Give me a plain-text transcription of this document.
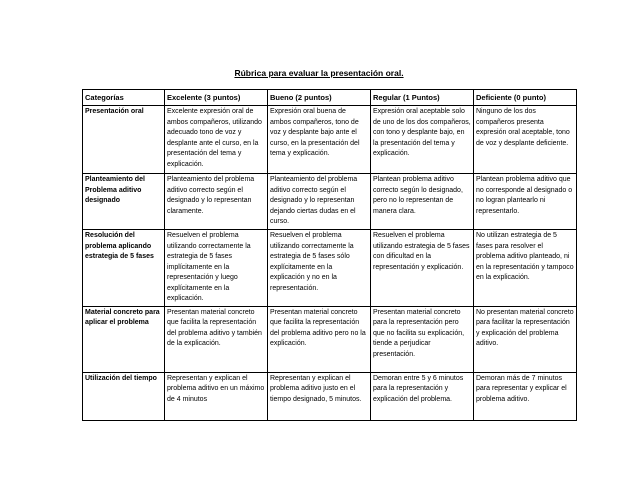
Rúbrica para evaluar la presentación oral.
Categorías	Excelente (3 puntos)	Bueno (2 puntos)	Regular (1 Puntos)	Deficiente (0 punto)
Presentación oral	Excelente expresión oral de ambos compañeros, utilizando adecuado tono de voz y desplante ante el curso, en la presentación del tema y explicación.	Expresión oral buena de ambos compañeros, tono de voz y desplante bajo ante el curso, en la presentación del tema y explicación.	Expresión oral aceptable solo de uno de los dos compañeros, con tono y desplante bajo, en la presentación del tema y explicación.	Ninguno de los dos compañeros presenta expresión oral aceptable, tono de voz y desplante deficiente.
Planteamiento del Problema aditivo designado	Planteamiento del problema aditivo correcto según el designado y lo representan claramente.	Planteamiento del problema aditivo correcto según el designado y lo representan dejando ciertas dudas en el curso.	Plantean problema aditivo correcto según lo designado, pero no lo representan de manera clara.	Plantean problema aditivo que no corresponde al designado o no logran plantearlo ni representarlo.
Resolución del problema aplicando estrategia de 5 fases	Resuelven el problema utilizando correctamente la estrategia de 5 fases implícitamente en la representación y luego explícitamente en la explicación.	Resuelven el problema utilizando correctamente la estrategia de 5 fases sólo explícitamente en la explicación y no en la representación.	Resuelven el problema utilizando estrategia de 5 fases con dificultad en la representación y explicación.	No utilizan estrategia de 5 fases para resolver el problema aditivo planteado, ni en la representación y tampoco en la explicación.
Material concreto para aplicar el problema	Presentan material concreto que facilita la representación del problema aditivo y también de la explicación.	Presentan material concreto que facilita la representación del problema aditivo pero no la explicación.	Presentan material concreto para la representación pero que no facilita su explicación, tiende a perjudicar presentación.	No presentan material concreto para facilitar la representación y explicación del problema aditivo.
Utilización del tiempo	Representan y explican el problema aditivo en un máximo de 4 minutos	Representan y explican el problema aditivo justo en el tiempo designado, 5 minutos.	Demoran entre 5 y 6 minutos para la representación y explicación del problema.	Demoran más de 7 minutos para representar y explicar el problema aditivo.
